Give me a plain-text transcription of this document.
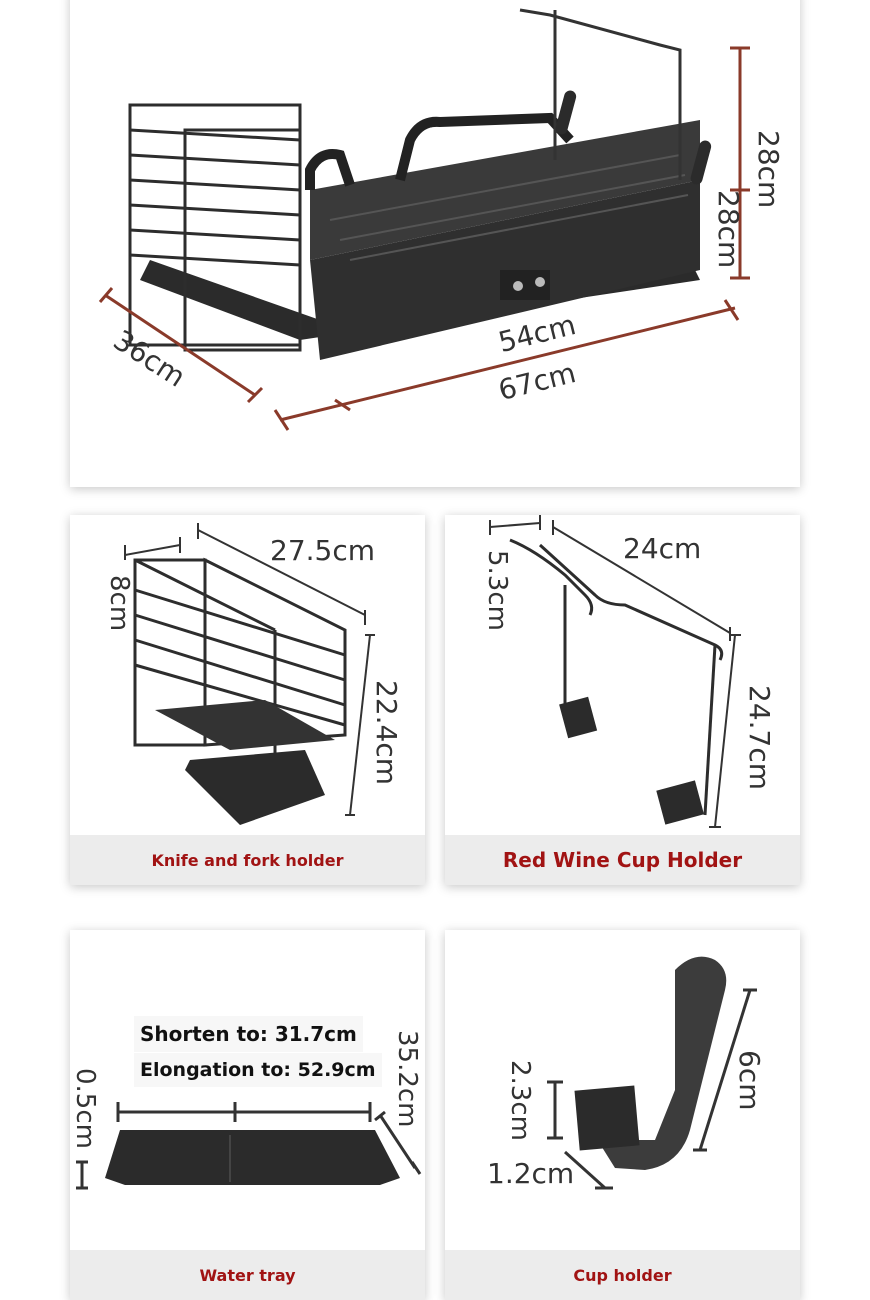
28cm
28cm
54cm
67cm
36cm
27.5cm
8cm
22.4cm
Knife and fork holder
24cm
5.3cm
24.7cm
Red Wine Cup Holder
Shorten to: 31.7cm
Elongation to: 52.9cm
0.5cm	35.2cm
Water tray
6cm
2.3cm
1.2cm
Cup holder
